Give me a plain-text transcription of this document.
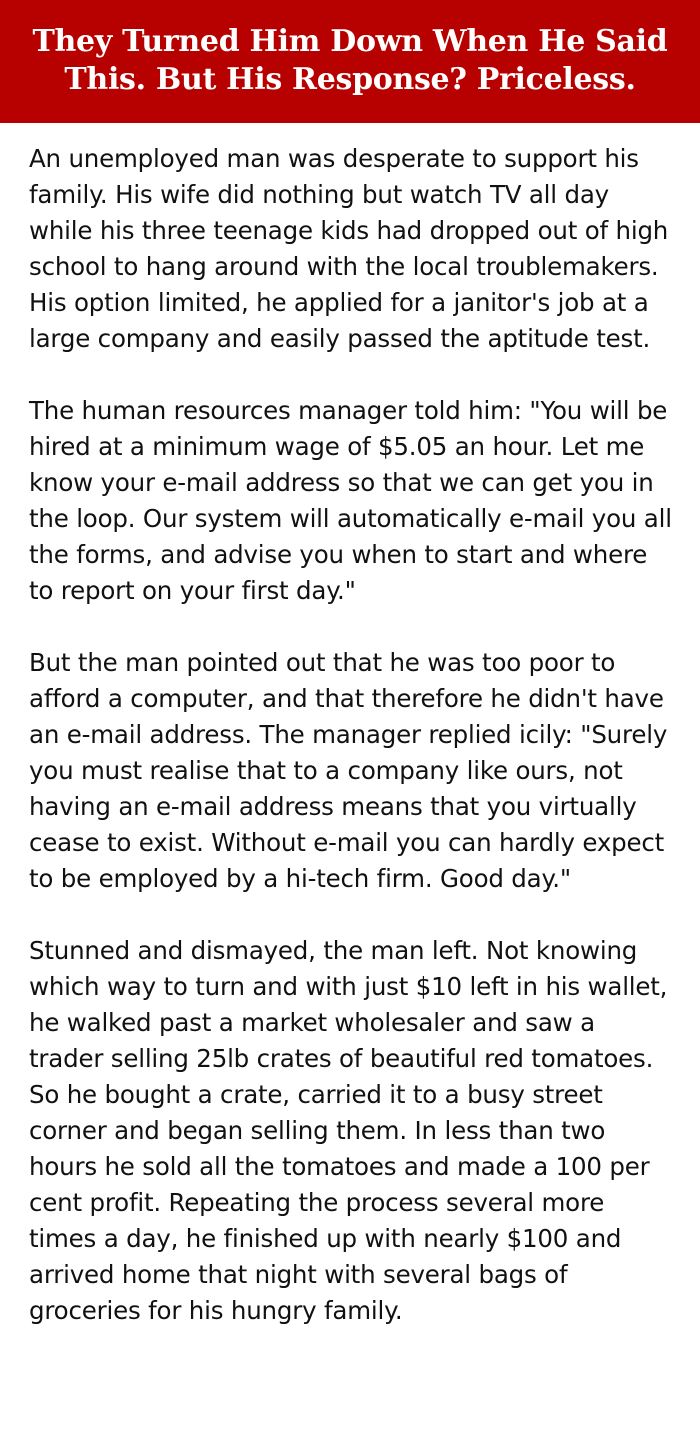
They Turned Him Down When He Said This. But His Response? Priceless.

An unemployed man was desperate to support his family. His wife did nothing but watch TV all day while his three teenage kids had dropped out of high school to hang around with the local troublemakers. His option limited, he applied for a janitor's job at a large company and easily passed the aptitude test.

The human resources manager told him: "You will be hired at a minimum wage of $5.05 an hour. Let me know your e-mail address so that we can get you in the loop. Our system will automatically e-mail you all the forms, and advise you when to start and where to report on your first day."

But the man pointed out that he was too poor to afford a computer, and that therefore he didn't have an e-mail address. The manager replied icily: "Surely you must realise that to a company like ours, not having an e-mail address means that you virtually cease to exist. Without e-mail you can hardly expect to be employed by a hi-tech firm. Good day."

Stunned and dismayed, the man left. Not knowing which way to turn and with just $10 left in his wallet, he walked past a market wholesaler and saw a trader selling 25lb crates of beautiful red tomatoes. So he bought a crate, carried it to a busy street corner and began selling them. In less than two hours he sold all the tomatoes and made a 100 per cent profit. Repeating the process several more times a day, he finished up with nearly $100 and arrived home that night with several bags of groceries for his hungry family.
